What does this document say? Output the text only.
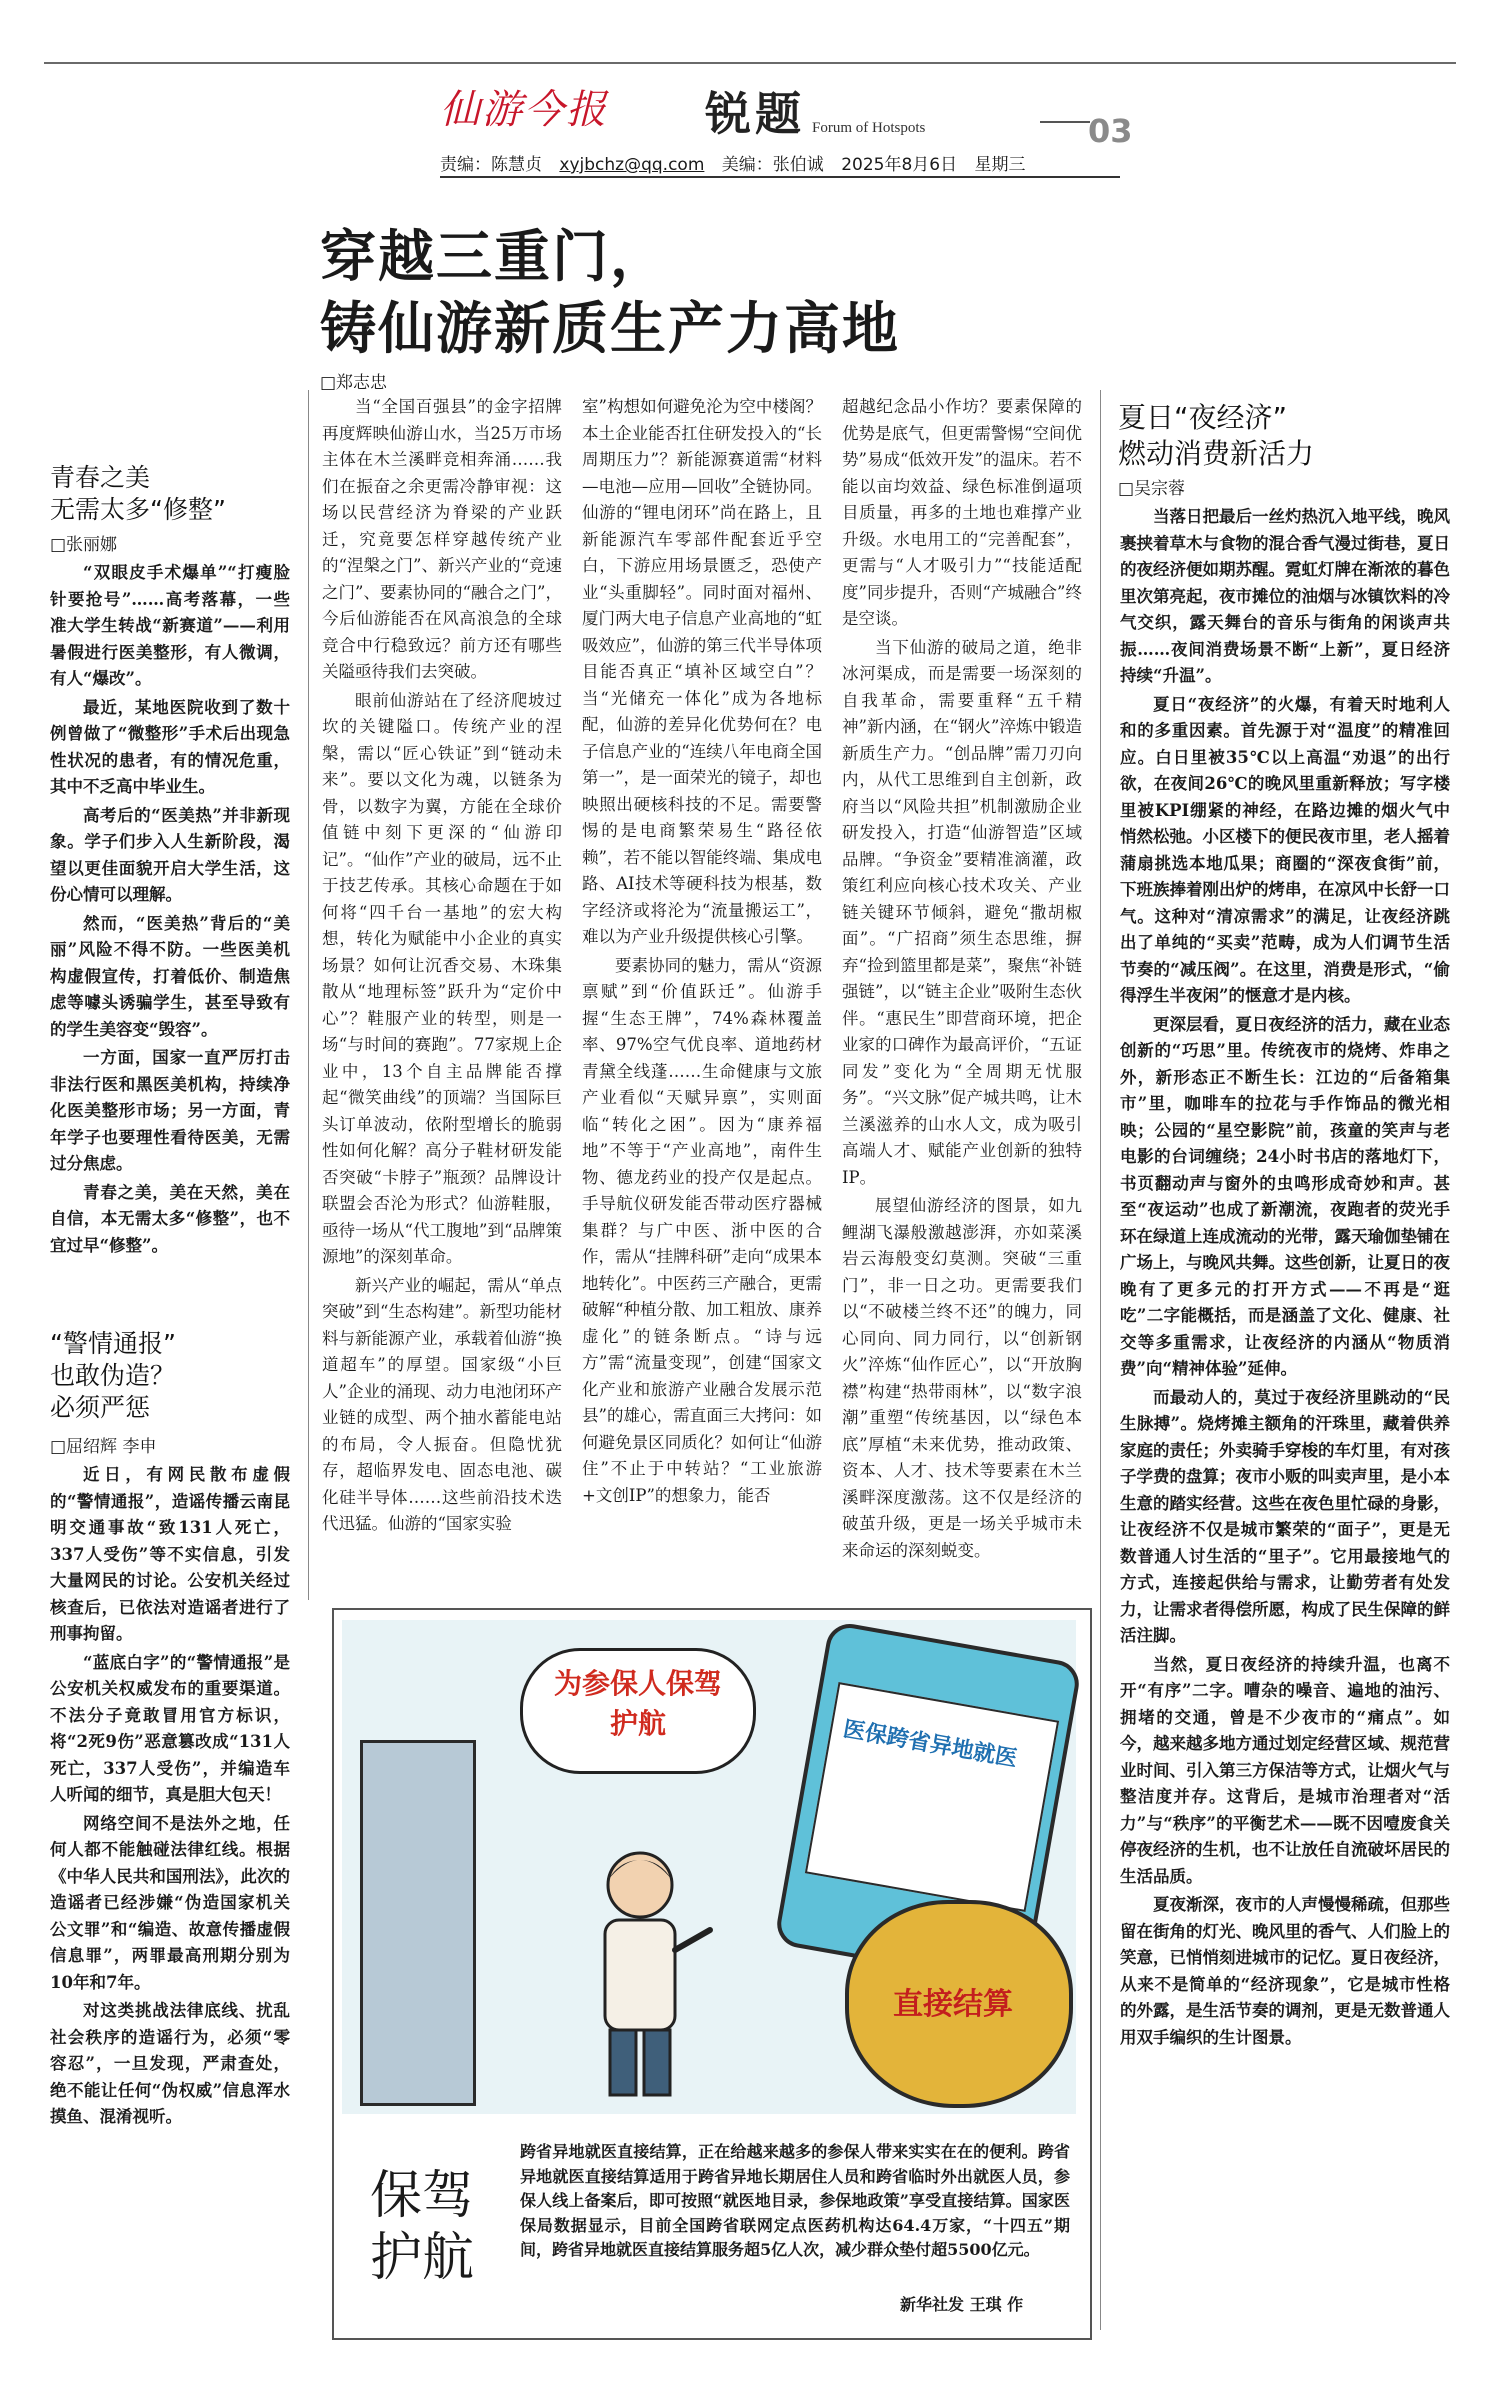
仙游今报 锐题 Forum of Hotspots	03
责编：陈慧贞 xyjbchz@qq.com 美编：张伯诚 2025年8月6日 星期三
穿越三重门，
铸仙游新质生产力高地
□郑志忠

当“全国百强县”的金字招牌再度辉映仙游山水，当25万市场主体在木兰溪畔竞相奔涌……我们在振奋之余更需冷静审视：这场以民营经济为脊梁的产业跃迁，究竟要怎样穿越传统产业的“涅槃之门”、新兴产业的“竞速之门”、要素协同的“融合之门”，今后仙游能否在风高浪急的全球竞合中行稳致远？前方还有哪些关隘亟待我们去突破。

眼前仙游站在了经济爬坡过坎的关键隘口。传统产业的涅槃，需以“匠心铁证”到“链动未来”。要以文化为魂，以链条为骨，以数字为翼，方能在全球价值链中刻下更深的“仙游印记”。“仙作”产业的破局，远不止于技艺传承。其核心命题在于如何将“四千台一基地”的宏大构想，转化为赋能中小企业的真实场景？如何让沉香交易、木珠集散从“地理标签”跃升为“定价中心”？鞋服产业的转型，则是一场“与时间的赛跑”。77家规上企业中，13个自主品牌能否撑起“微笑曲线”的顶端？当国际巨头订单波动，依附型增长的脆弱性如何化解？高分子鞋材研发能否突破“卡脖子”瓶颈？品牌设计联盟会否沦为形式？仙游鞋服，亟待一场从“代工腹地”到“品牌策源地”的深刻革命。

新兴产业的崛起，需从“单点突破”到“生态构建”。新型功能材料与新能源产业，承载着仙游“换道超车”的厚望。国家级“小巨人”企业的涌现、动力电池闭环产业链的成型、两个抽水蓄能电站的布局，令人振奋。但隐忧犹存，超临界发电、固态电池、碳化硅半导体……这些前沿技术迭代迅猛。仙游的“国家实验

室”构想如何避免沦为空中楼阁？本土企业能否扛住研发投入的“长周期压力”？新能源赛道需“材料—电池—应用—回收”全链协同。仙游的“锂电闭环”尚在路上，且新能源汽车零部件配套近乎空白，下游应用场景匮乏，恐使产业“头重脚轻”。同时面对福州、厦门两大电子信息产业高地的“虹吸效应”，仙游的第三代半导体项目能否真正“填补区域空白”？当“光储充一体化”成为各地标配，仙游的差异化优势何在？电子信息产业的“连续八年电商全国第一”，是一面荣光的镜子，却也映照出硬核科技的不足。需要警惕的是电商繁荣易生“路径依赖”，若不能以智能终端、集成电路、AI技术等硬科技为根基，数字经济或将沦为“流量搬运工”，难以为产业升级提供核心引擎。

要素协同的魅力，需从“资源禀赋”到“价值跃迁”。仙游手握“生态王牌”，74%森林覆盖率、97%空气优良率、道地药材青黛全线蓬……生命健康与文旅产业看似“天赋异禀”，实则面临“转化之困”。因为“康养福地”不等于“产业高地”，南件生物、德龙药业的投产仅是起点。手导航仪研发能否带动医疗器械集群？与广中医、浙中医的合作，需从“挂牌科研”走向“成果本地转化”。中医药三产融合，更需破解“种植分散、加工粗放、康养虚化”的链条断点。“诗与远方”需“流量变现”，创建“国家文化产业和旅游产业融合发展示范县”的雄心，需直面三大拷问：如何避免景区同质化？如何让“仙游住”不止于中转站？“工业旅游+文创IP”的想象力，能否

超越纪念品小作坊？要素保障的优势是底气，但更需警惕“空间优势”易成“低效开发”的温床。若不能以亩均效益、绿色标准倒逼项目质量，再多的土地也难撑产业升级。水电用工的“完善配套”，更需与“人才吸引力”“技能适配度”同步提升，否则“产城融合”终是空谈。

当下仙游的破局之道，绝非冰河渠成，而是需要一场深刻的自我革命，需要重释“五千精神”新内涵，在“钢火”淬炼中锻造新质生产力。“创品牌”需刀刃向内，从代工思维到自主创新，政府当以“风险共担”机制激励企业研发投入，打造“仙游智造”区域品牌。“争资金”要精准滴灌，政策红利应向核心技术攻关、产业链关键环节倾斜，避免“撒胡椒面”。“广招商”须生态思维，摒弃“捡到篮里都是菜”，聚焦“补链强链”，以“链主企业”吸附生态伙伴。“惠民生”即营商环境，把企业家的口碑作为最高评价，“五证同发”变化为“全周期无忧服务”。“兴文脉”促产城共鸣，让木兰溪滋养的山水人文，成为吸引高端人才、赋能产业创新的独特IP。

展望仙游经济的图景，如九鲤湖飞瀑般激越澎湃，亦如菜溪岩云海般变幻莫测。突破“三重门”，非一日之功。更需要我们以“不破楼兰终不还”的魄力，同心同向、同力同行，以“创新钢火”淬炼“仙作匠心”，以“开放胸襟”构建“热带雨林”，以“数字浪潮”重塑“传统基因，以“绿色本底”厚植“未来优势，推动政策、资本、人才、技术等要素在木兰溪畔深度激荡。这不仅是经济的破茧升级，更是一场关乎城市未来命运的深刻蜕变。

青春之美
无需太多“修整”
□张丽娜

“双眼皮手术爆单”“打瘦脸针要抢号”……高考落幕，一些准大学生转战“新赛道”——利用暑假进行医美整形，有人微调，有人“爆改”。

最近，某地医院收到了数十例曾做了“微整形”手术后出现急性状况的患者，有的情况危重，其中不乏高中毕业生。

高考后的“医美热”并非新现象。学子们步入人生新阶段，渴望以更佳面貌开启大学生活，这份心情可以理解。

然而，“医美热”背后的“美丽”风险不得不防。一些医美机构虚假宣传，打着低价、制造焦虑等噱头诱骗学生，甚至导致有的学生美容变“毁容”。

一方面，国家一直严厉打击非法行医和黑医美机构，持续净化医美整形市场；另一方面，青年学子也要理性看待医美，无需过分焦虑。

青春之美，美在天然，美在自信，本无需太多“修整”，也不宜过早“修整”。

“警情通报”
也敢伪造？
必须严惩
□屈绍辉 李申

近日，有网民散布虚假的“警情通报”，造谣传播云南昆明交通事故“致131人死亡，337人受伤”等不实信息，引发大量网民的讨论。公安机关经过核查后，已依法对造谣者进行了刑事拘留。

“蓝底白字”的“警情通报”是公安机关权威发布的重要渠道。不法分子竟敢冒用官方标识，将“2死9伤”恶意篡改成“131人死亡，337人受伤”，并编造车人听闻的细节，真是胆大包天！

网络空间不是法外之地，任何人都不能触碰法律红线。根据《中华人民共和国刑法》，此次的造谣者已经涉嫌“伪造国家机关公文罪”和“编造、故意传播虚假信息罪”，两罪最高刑期分别为10年和7年。

对这类挑战法律底线、扰乱社会秩序的造谣行为，必须“零容忍”，一旦发现，严肃查处，绝不能让任何“伪权威”信息浑水摸鱼、混淆视听。

夏日“夜经济”
燃动消费新活力
□吴宗蓉

当落日把最后一丝灼热沉入地平线，晚风裹挟着草木与食物的混合香气漫过街巷，夏日的夜经济便如期苏醒。霓虹灯牌在渐浓的暮色里次第亮起，夜市摊位的油烟与冰镇饮料的冷气交织，露天舞台的音乐与街角的闲谈声共振……夜间消费场景不断“上新”，夏日经济持续“升温”。

夏日“夜经济”的火爆，有着天时地利人和的多重因素。首先源于对“温度”的精准回应。白日里被35℃以上高温“劝退”的出行欲，在夜间26℃的晚风里重新释放；写字楼里被KPI绷紧的神经，在路边摊的烟火气中悄然松弛。小区楼下的便民夜市里，老人摇着蒲扇挑选本地瓜果；商圈的“深夜食街”前，下班族捧着刚出炉的烤串，在凉风中长舒一口气。这种对“清凉需求”的满足，让夜经济跳出了单纯的“买卖”范畴，成为人们调节生活节奏的“减压阀”。在这里，消费是形式，“偷得浮生半夜闲”的惬意才是内核。

更深层看，夏日夜经济的活力，藏在业态创新的“巧思”里。传统夜市的烧烤、炸串之外，新形态正不断生长：江边的“后备箱集市”里，咖啡车的拉花与手作饰品的微光相映；公园的“星空影院”前，孩童的笑声与老电影的台词缠绕；24小时书店的落地灯下，书页翻动声与窗外的虫鸣形成奇妙和声。甚至“夜运动”也成了新潮流，夜跑者的荧光手环在绿道上连成流动的光带，露天瑜伽垫铺在广场上，与晚风共舞。这些创新，让夏日的夜晚有了更多元的打开方式——不再是“逛吃”二字能概括，而是涵盖了文化、健康、社交等多重需求，让夜经济的内涵从“物质消费”向“精神体验”延伸。

而最动人的，莫过于夜经济里跳动的“民生脉搏”。烧烤摊主额角的汗珠里，藏着供养家庭的责任；外卖骑手穿梭的车灯里，有对孩子学费的盘算；夜市小贩的叫卖声里，是小本生意的踏实经营。这些在夜色里忙碌的身影，让夜经济不仅是城市繁荣的“面子”，更是无数普通人讨生活的“里子”。它用最接地气的方式，连接起供给与需求，让勤劳者有处发力，让需求者得偿所愿，构成了民生保障的鲜活注脚。

当然，夏日夜经济的持续升温，也离不开“有序”二字。嘈杂的噪音、遍地的油污、拥堵的交通，曾是不少夜市的“痛点”。如今，越来越多地方通过划定经营区域、规范营业时间、引入第三方保洁等方式，让烟火气与整洁度并存。这背后，是城市治理者对“活力”与“秩序”的平衡艺术——既不因噎废食关停夜经济的生机，也不让放任自流破坏居民的生活品质。

夏夜渐深，夜市的人声慢慢稀疏，但那些留在街角的灯光、晚风里的香气、人们脸上的笑意，已悄悄刻进城市的记忆。夏日夜经济，从来不是简单的“经济现象”，它是城市性格的外露，是生活节奏的调剂，更是无数普通人用双手编织的生计图景。

为参保人保驾护航	医保跨省异地就医
直接结算
保驾
护航
跨省异地就医直接结算，正在给越来越多的参保人带来实实在在的便利。跨省异地就医直接结算适用于跨省异地长期居住人员和跨省临时外出就医人员，参保人线上备案后，即可按照“就医地目录，参保地政策”享受直接结算。国家医保局数据显示，目前全国跨省联网定点医药机构达64.4万家，“十四五”期间，跨省异地就医直接结算服务超5亿人次，减少群众垫付超5500亿元。
新华社发 王琪 作
